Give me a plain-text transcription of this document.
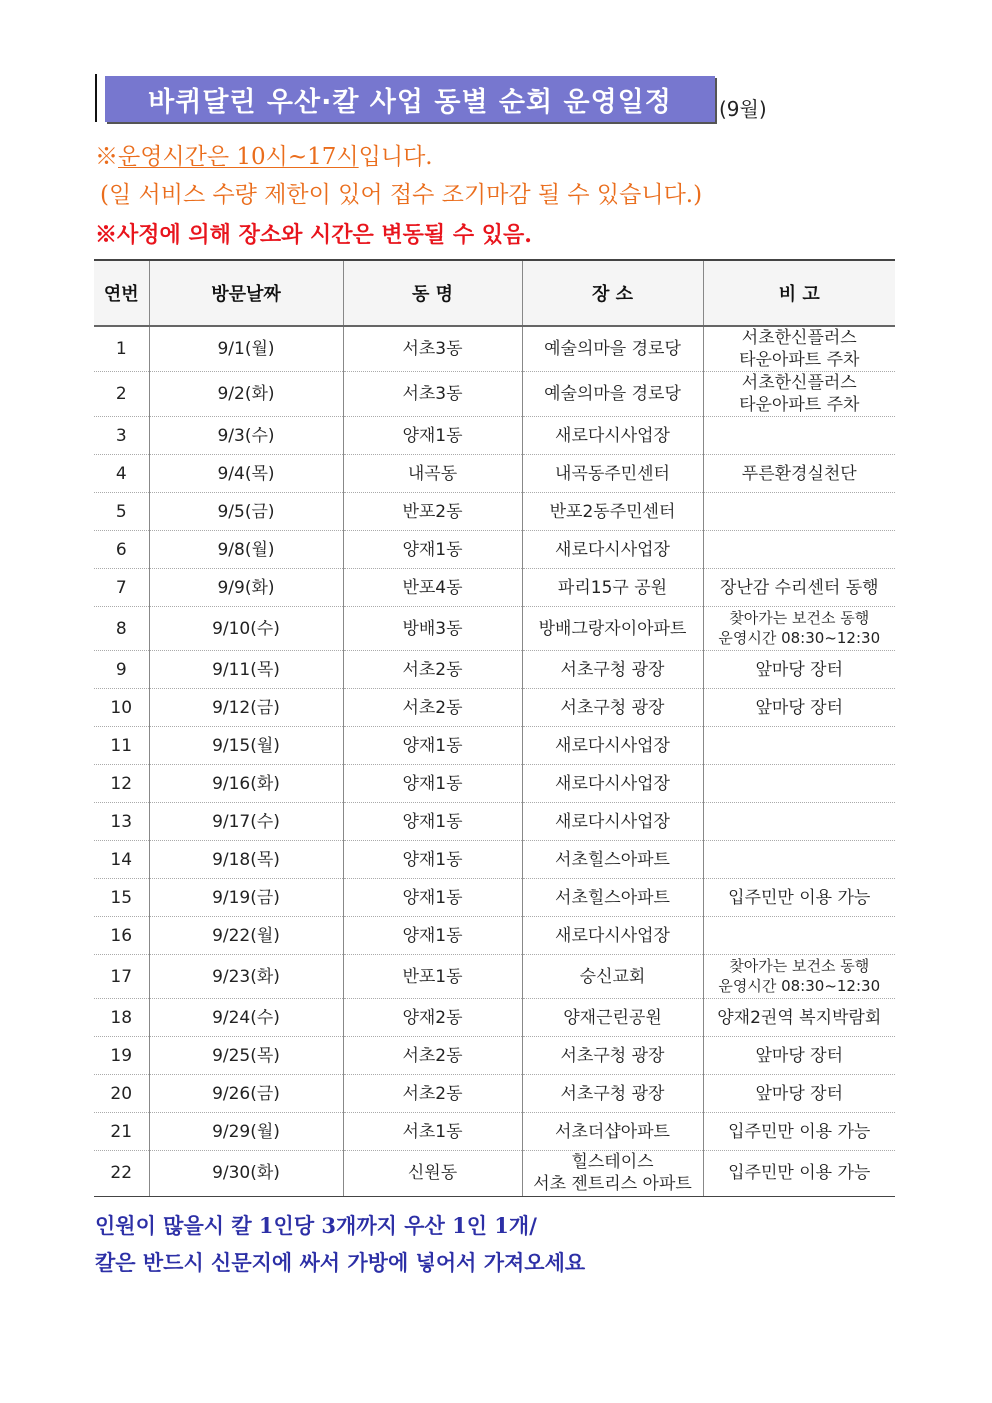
바퀴달린 우산·칼 사업 동별 순회 운영일정	(9월)
※운영시간은 10시~17시입니다.
(일 서비스 수량 제한이 있어 접수 조기마감 될 수 있습니다.)
※사정에 의해 장소와 시간은 변동될 수 있음.
연번	방문날짜	동 명	장 소	비 고
1	9/1(월)	서초3동	예술의마을 경로당	서초한신플러스
타운아파트 주차
2	9/2(화)	서초3동	예술의마을 경로당	서초한신플러스
타운아파트 주차
3	9/3(수)	양재1동	새로다시사업장	
4	9/4(목)	내곡동	내곡동주민센터	푸른환경실천단
5	9/5(금)	반포2동	반포2동주민센터	
6	9/8(월)	양재1동	새로다시사업장	
7	9/9(화)	반포4동	파리15구 공원	장난감 수리센터 동행
8	9/10(수)	방배3동	방배그랑자이아파트	찾아가는 보건소 동행
운영시간 08:30~12:30
9	9/11(목)	서초2동	서초구청 광장	앞마당 장터
10	9/12(금)	서초2동	서초구청 광장	앞마당 장터
11	9/15(월)	양재1동	새로다시사업장	
12	9/16(화)	양재1동	새로다시사업장	
13	9/17(수)	양재1동	새로다시사업장	
14	9/18(목)	양재1동	서초힐스아파트	
15	9/19(금)	양재1동	서초힐스아파트	입주민만 이용 가능
16	9/22(월)	양재1동	새로다시사업장	
17	9/23(화)	반포1동	숭신교회	찾아가는 보건소 동행
운영시간 08:30~12:30
18	9/24(수)	양재2동	양재근린공원	양재2권역 복지박람회
19	9/25(목)	서초2동	서초구청 광장	앞마당 장터
20	9/26(금)	서초2동	서초구청 광장	앞마당 장터
21	9/29(월)	서초1동	서초더샵아파트	입주민만 이용 가능
22	9/30(화)	신원동	힐스테이스
서초 젠트리스 아파트	입주민만 이용 가능
인원이 많을시 칼 1인당 3개까지 우산 1인 1개/
칼은 반드시 신문지에 싸서 가방에 넣어서 가져오세요
